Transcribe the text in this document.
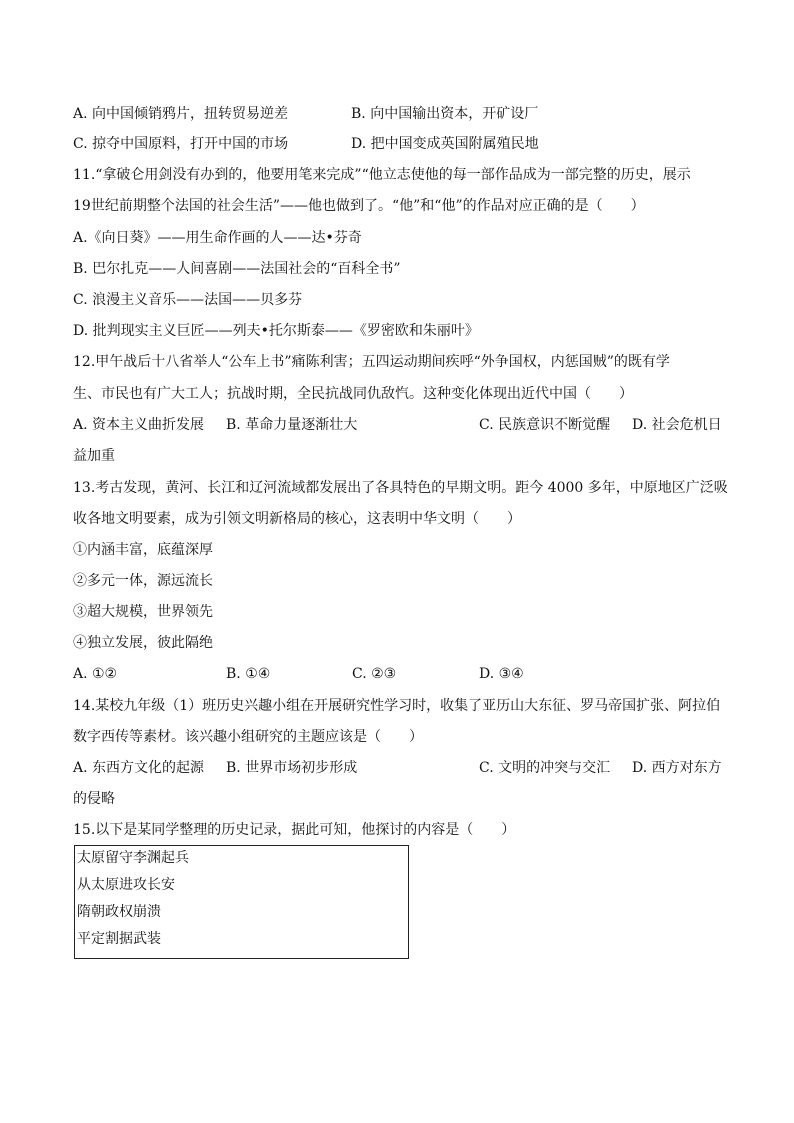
A. 向中国倾销鸦片，扭转贸易逆差	B. 向中国输出资本，开矿设厂
C. 掠夺中国原料，打开中国的市场	D. 把中国变成英国附属殖民地
11.“拿破仑用剑没有办到的，他要用笔来完成”“他立志使他的每一部作品成为一部完整的历史，展示
19世纪前期整个法国的社会生活”——他也做到了。“他”和“他”的作品对应正确的是（　　）
A.《向日葵》——用生命作画的人——达•芬奇
B. 巴尔扎克——人间喜剧——法国社会的“百科全书”
C. 浪漫主义音乐——法国——贝多芬
D. 批判现实主义巨匠——列夫•托尔斯泰——《罗密欧和朱丽叶》
12.甲午战后十八省举人“公车上书”痛陈利害；五四运动期间疾呼“外争国权，内惩国贼”的既有学
生、市民也有广大工人；抗战时期，全民抗战同仇敌忾。这种变化体现出近代中国（　　）
A. 资本主义曲折发展 B. 革命力量逐渐壮大	C. 民族意识不断觉醒 D. 社会危机日
益加重
13.考古发现，黄河、长江和辽河流域都发展出了各具特色的早期文明。距今 4000 多年，中原地区广泛吸
收各地文明要素，成为引领文明新格局的核心，这表明中华文明（　　）
①内涵丰富，底蕴深厚
②多元一体，源远流长
③超大规模，世界领先
④独立发展，彼此隔绝
A. ①②	B. ①④	C. ②③	D. ③④
14.某校九年级（1）班历史兴趣小组在开展研究性学习时，收集了亚历山大东征、罗马帝国扩张、阿拉伯
数字西传等素材。该兴趣小组研究的主题应该是（　　）
A. 东西方文化的起源 B. 世界市场初步形成	C. 文明的冲突与交汇 D. 西方对东方
的侵略
15.以下是某同学整理的历史记录，据此可知，他探讨的内容是（　　）
太原留守李渊起兵
从太原进攻长安
隋朝政权崩溃
平定割据武装
